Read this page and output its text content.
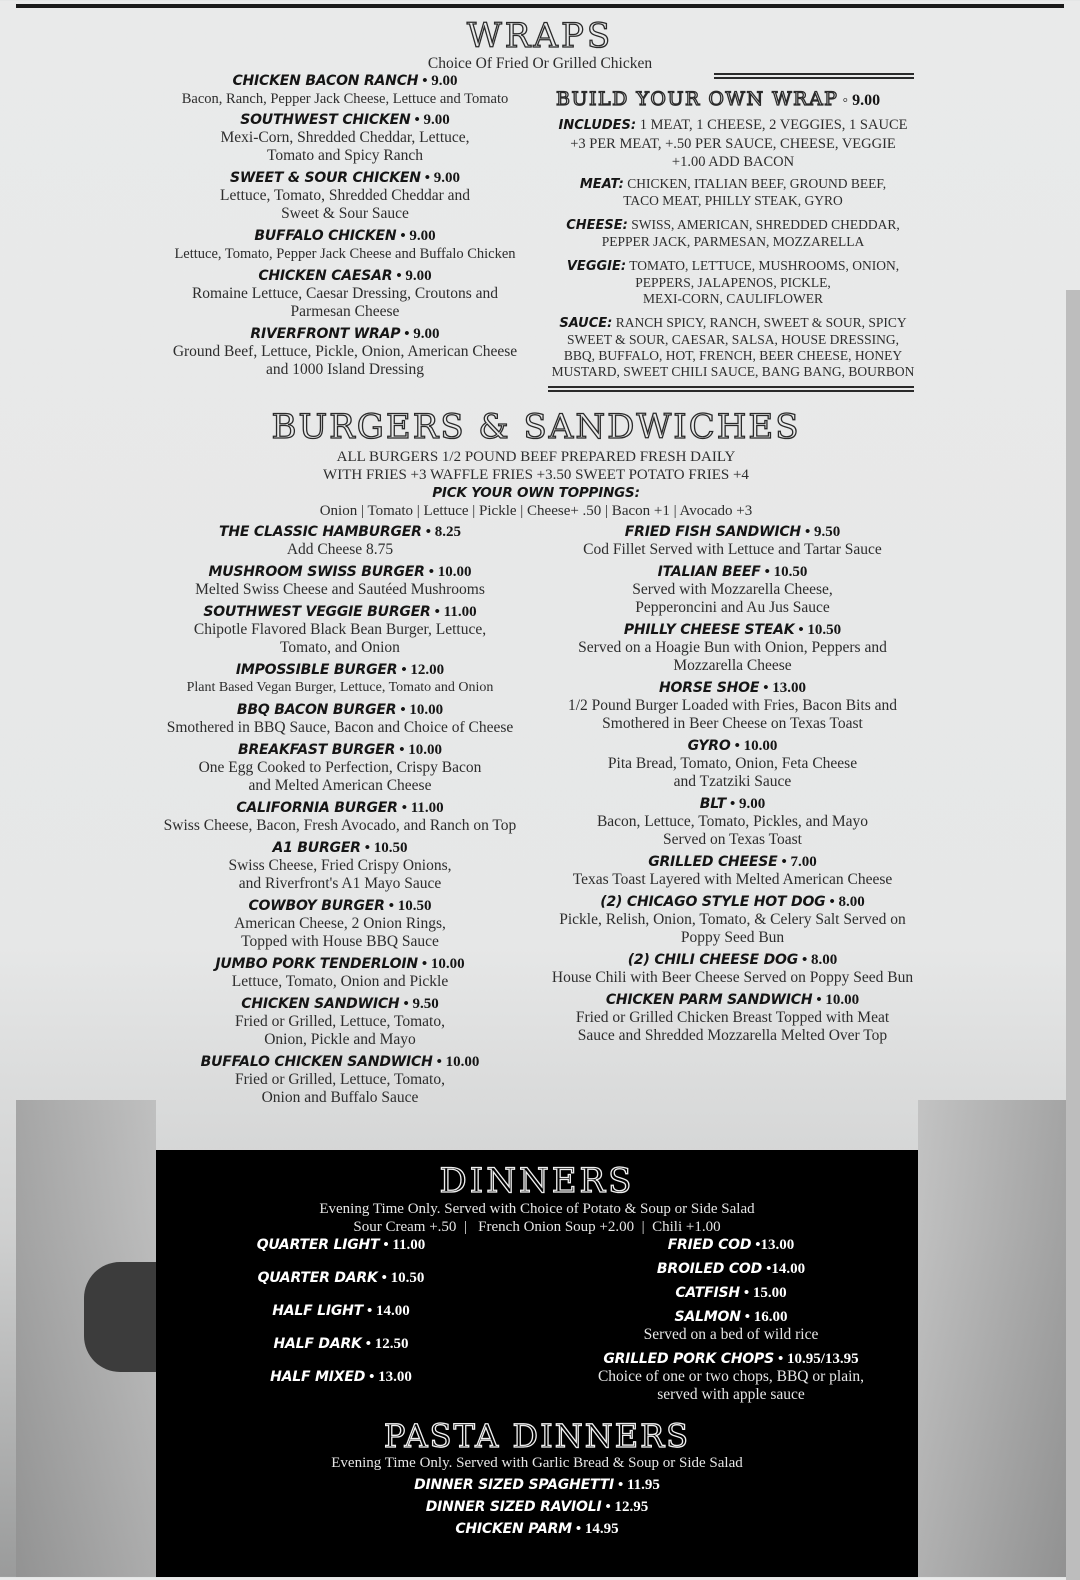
WRAPS
Choice Of Fried Or Grilled Chicken
CHICKEN BACON RANCH • 9.00
Bacon, Ranch, Pepper Jack Cheese, Lettuce and Tomato
SOUTHWEST CHICKEN • 9.00
Mexi-Corn, Shredded Cheddar, Lettuce,
Tomato and Spicy Ranch
SWEET & SOUR CHICKEN • 9.00
Lettuce, Tomato, Shredded Cheddar and
Sweet & Sour Sauce
BUFFALO CHICKEN • 9.00
Lettuce, Tomato, Pepper Jack Cheese and Buffalo Chicken
CHICKEN CAESAR • 9.00
Romaine Lettuce, Caesar Dressing, Croutons and
Parmesan Cheese
RIVERFRONT WRAP • 9.00
Ground Beef, Lettuce, Pickle, Onion, American Cheese
and 1000 Island Dressing
BUILD YOUR OWN WRAP ◦ 9.00
INCLUDES: 1 MEAT, 1 CHEESE, 2 VEGGIES, 1 SAUCE
+3 PER MEAT, +.50 PER SAUCE, CHEESE, VEGGIE
+1.00 ADD BACON
MEAT: CHICKEN, ITALIAN BEEF, GROUND BEEF,
TACO MEAT, PHILLY STEAK, GYRO
CHEESE: SWISS, AMERICAN, SHREDDED CHEDDAR,
PEPPER JACK, PARMESAN, MOZZARELLA
VEGGIE: TOMATO, LETTUCE, MUSHROOMS, ONION,
PEPPERS, JALAPENOS, PICKLE,
MEXI-CORN, CAULIFLOWER
SAUCE: RANCH SPICY, RANCH, SWEET & SOUR, SPICY
SWEET & SOUR, CAESAR, SALSA, HOUSE DRESSING,
BBQ, BUFFALO, HOT, FRENCH, BEER CHEESE, HONEY
MUSTARD, SWEET CHILI SAUCE, BANG BANG, BOURBON
BURGERS & SANDWICHES
ALL BURGERS 1/2 POUND BEEF PREPARED FRESH DAILY
WITH FRIES +3 WAFFLE FRIES +3.50 SWEET POTATO FRIES +4
PICK YOUR OWN TOPPINGS:
Onion | Tomato | Lettuce | Pickle | Cheese+ .50 | Bacon +1 | Avocado +3
THE CLASSIC HAMBURGER • 8.25
Add Cheese 8.75
MUSHROOM SWISS BURGER • 10.00
Melted Swiss Cheese and Sautéed Mushrooms
SOUTHWEST VEGGIE BURGER • 11.00
Chipotle Flavored Black Bean Burger, Lettuce,
Tomato, and Onion
IMPOSSIBLE BURGER • 12.00
Plant Based Vegan Burger, Lettuce, Tomato and Onion
BBQ BACON BURGER • 10.00
Smothered in BBQ Sauce, Bacon and Choice of Cheese
BREAKFAST BURGER • 10.00
One Egg Cooked to Perfection, Crispy Bacon
and Melted American Cheese
CALIFORNIA BURGER • 11.00
Swiss Cheese, Bacon, Fresh Avocado, and Ranch on Top
A1 BURGER • 10.50
Swiss Cheese, Fried Crispy Onions,
and Riverfront's A1 Mayo Sauce
COWBOY BURGER • 10.50
American Cheese, 2 Onion Rings,
Topped with House BBQ Sauce
JUMBO PORK TENDERLOIN • 10.00
Lettuce, Tomato, Onion and Pickle
CHICKEN SANDWICH • 9.50
Fried or Grilled, Lettuce, Tomato,
Onion, Pickle and Mayo
BUFFALO CHICKEN SANDWICH • 10.00
Fried or Grilled, Lettuce, Tomato,
Onion and Buffalo Sauce
FRIED FISH SANDWICH • 9.50
Cod Fillet Served with Lettuce and Tartar Sauce
ITALIAN BEEF • 10.50
Served with Mozzarella Cheese,
Pepperoncini and Au Jus Sauce
PHILLY CHEESE STEAK • 10.50
Served on a Hoagie Bun with Onion, Peppers and
Mozzarella Cheese
HORSE SHOE • 13.00
1/2 Pound Burger Loaded with Fries, Bacon Bits and
Smothered in Beer Cheese on Texas Toast
GYRO • 10.00
Pita Bread, Tomato, Onion, Feta Cheese
and Tzatziki Sauce
BLT • 9.00
Bacon, Lettuce, Tomato, Pickles, and Mayo
Served on Texas Toast
GRILLED CHEESE • 7.00
Texas Toast Layered with Melted American Cheese
(2) CHICAGO STYLE HOT DOG • 8.00
Pickle, Relish, Onion, Tomato, & Celery Salt Served on
Poppy Seed Bun
(2) CHILI CHEESE DOG • 8.00
House Chili with Beer Cheese Served on Poppy Seed Bun
CHICKEN PARM SANDWICH • 10.00
Fried or Grilled Chicken Breast Topped with Meat
Sauce and Shredded Mozzarella Melted Over Top
DINNERS
Evening Time Only. Served with Choice of Potato & Soup or Side Salad
Sour Cream +.50  |   French Onion Soup +2.00  |  Chili +1.00
QUARTER LIGHT • 11.00
QUARTER DARK • 10.50
HALF LIGHT • 14.00
HALF DARK • 12.50
HALF MIXED • 13.00
FRIED COD •13.00
BROILED COD •14.00
CATFISH • 15.00
SALMON • 16.00
Served on a bed of wild rice
GRILLED PORK CHOPS • 10.95/13.95
Choice of one or two chops, BBQ or plain,
served with apple sauce
PASTA DINNERS
Evening Time Only. Served with Garlic Bread & Soup or Side Salad
DINNER SIZED SPAGHETTI • 11.95
DINNER SIZED RAVIOLI • 12.95
CHICKEN PARM • 14.95
